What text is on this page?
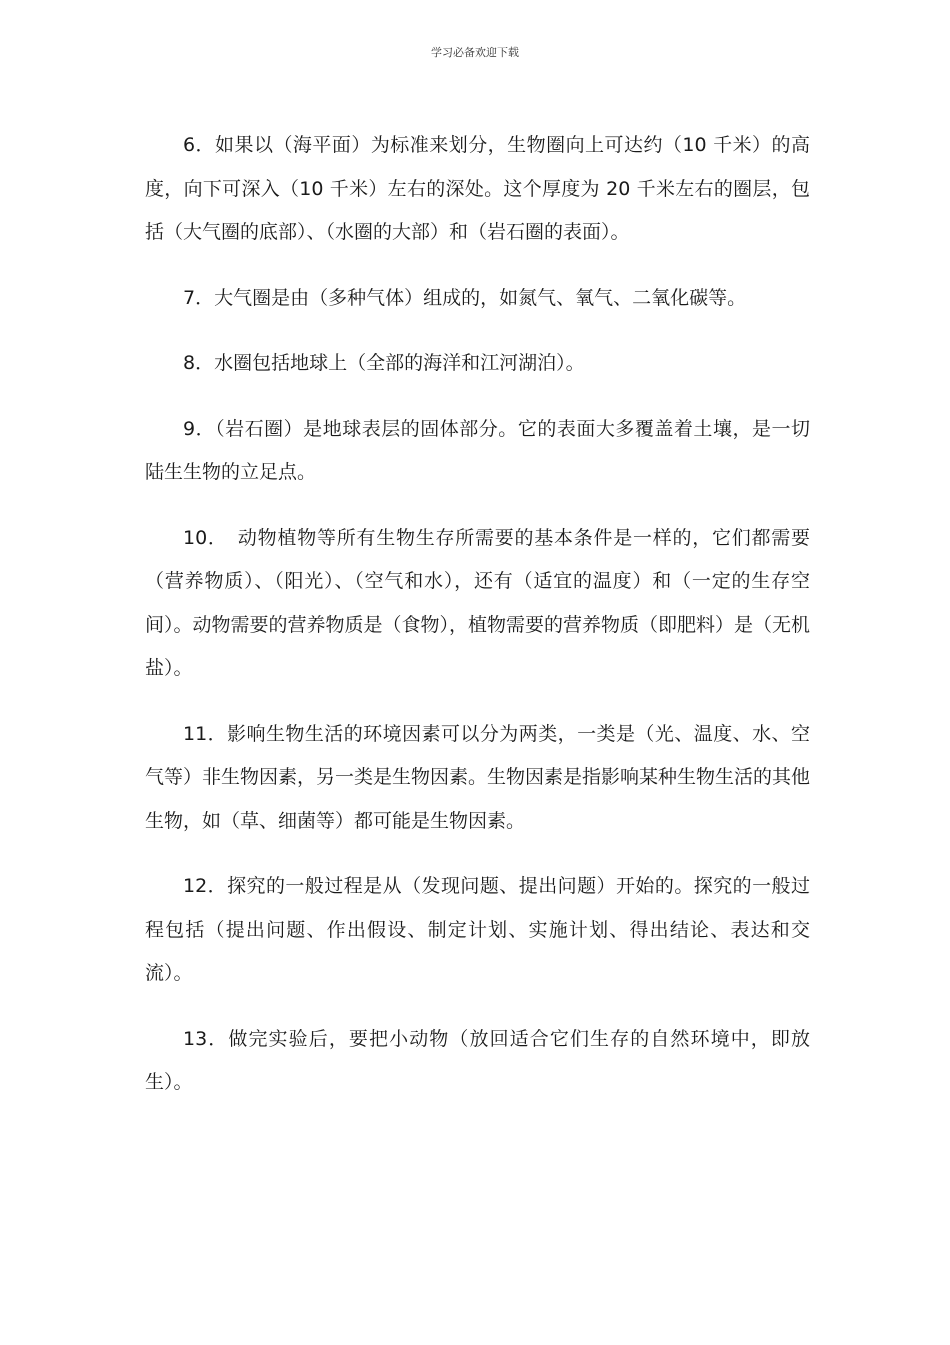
学习必备欢迎下载

6．如果以（海平面）为标准来划分，生物圈向上可达约（10 千米）的高度，向下可深入（10 千米）左右的深处。这个厚度为 20 千米左右的圈层，包括（大气圈的底部）、（水圈的大部）和（岩石圈的表面）。

7．大气圈是由（多种气体）组成的，如氮气、氧气、二氧化碳等。

8．水圈包括地球上（全部的海洋和江河湖泊）。

9．（岩石圈）是地球表层的固体部分。它的表面大多覆盖着土壤，是一切陆生生物的立足点。

10．　动物植物等所有生物生存所需要的基本条件是一样的，它们都需要（营养物质）、（阳光）、（空气和水），还有（适宜的温度）和（一定的生存空间）。动物需要的营养物质是（食物），植物需要的营养物质（即肥料）是（无机盐）。

11．影响生物生活的环境因素可以分为两类，一类是（光、温度、水、空气等）非生物因素，另一类是生物因素。生物因素是指影响某种生物生活的其他生物，如（草、细菌等）都可能是生物因素。

12．探究的一般过程是从（发现问题、提出问题）开始的。探究的一般过程包括（提出问题、作出假设、制定计划、实施计划、得出结论、表达和交流）。

13．做完实验后，要把小动物（放回适合它们生存的自然环境中，即放生）。
